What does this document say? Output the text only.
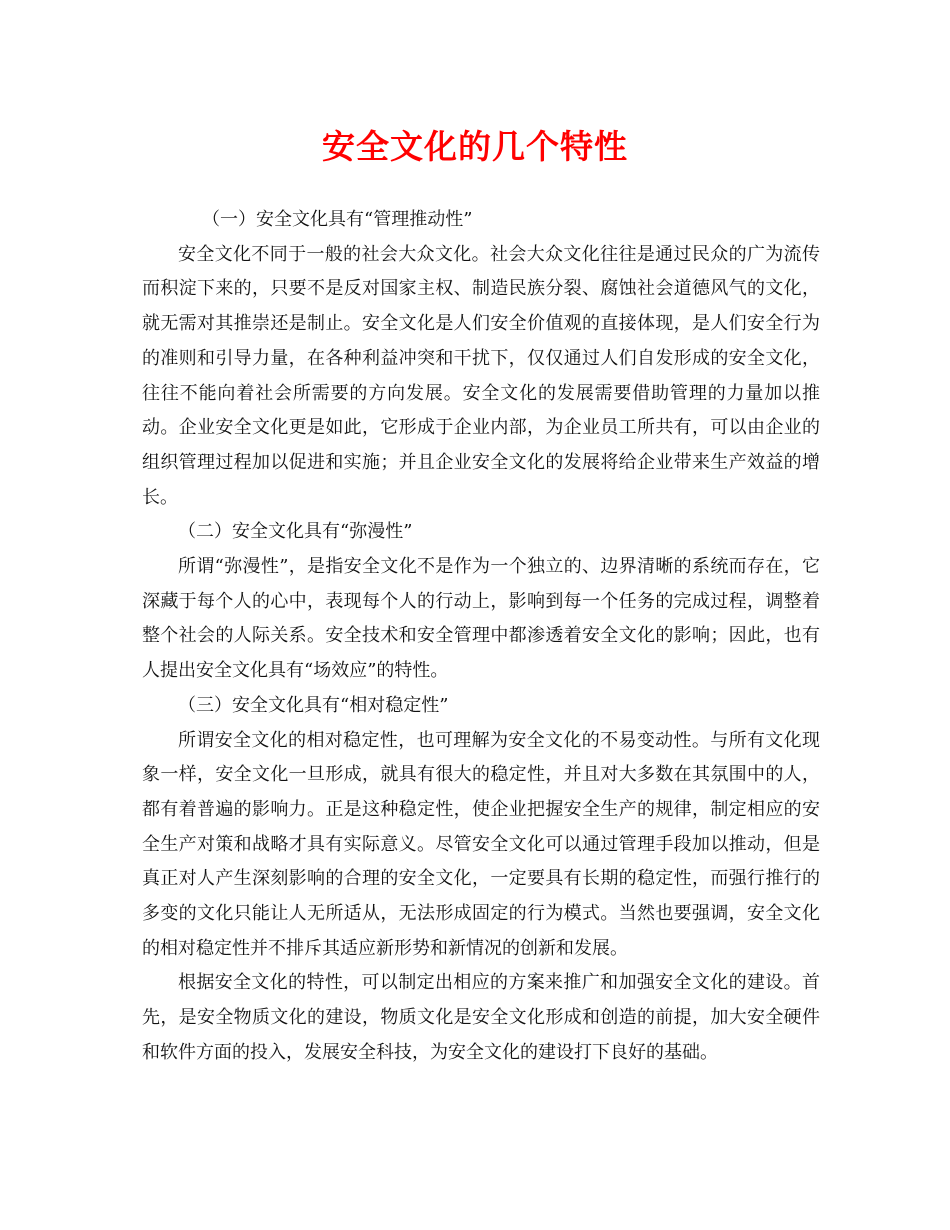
安全文化的几个特性

（一）安全文化具有“管理推动性”

安全文化不同于一般的社会大众文化。社会大众文化往往是通过民众的广为流传而积淀下来的，只要不是反对国家主权、制造民族分裂、腐蚀社会道德风气的文化，就无需对其推崇还是制止。安全文化是人们安全价值观的直接体现，是人们安全行为的准则和引导力量，在各种利益冲突和干扰下，仅仅通过人们自发形成的安全文化，往往不能向着社会所需要的方向发展。安全文化的发展需要借助管理的力量加以推动。企业安全文化更是如此，它形成于企业内部，为企业员工所共有，可以由企业的组织管理过程加以促进和实施；并且企业安全文化的发展将给企业带来生产效益的增长。

（二）安全文化具有“弥漫性”

所谓“弥漫性”，是指安全文化不是作为一个独立的、边界清晰的系统而存在，它深藏于每个人的心中，表现每个人的行动上，影响到每一个任务的完成过程，调整着整个社会的人际关系。安全技术和安全管理中都渗透着安全文化的影响；因此，也有人提出安全文化具有“场效应”的特性。

（三）安全文化具有“相对稳定性”

所谓安全文化的相对稳定性，也可理解为安全文化的不易变动性。与所有文化现象一样，安全文化一旦形成，就具有很大的稳定性，并且对大多数在其氛围中的人，都有着普遍的影响力。正是这种稳定性，使企业把握安全生产的规律，制定相应的安全生产对策和战略才具有实际意义。尽管安全文化可以通过管理手段加以推动，但是真正对人产生深刻影响的合理的安全文化，一定要具有长期的稳定性，而强行推行的多变的文化只能让人无所适从，无法形成固定的行为模式。当然也要强调，安全文化的相对稳定性并不排斥其适应新形势和新情况的创新和发展。

根据安全文化的特性，可以制定出相应的方案来推广和加强安全文化的建设。首先，是安全物质文化的建设，物质文化是安全文化形成和创造的前提，加大安全硬件和软件方面的投入，发展安全科技，为安全文化的建设打下良好的基础。
